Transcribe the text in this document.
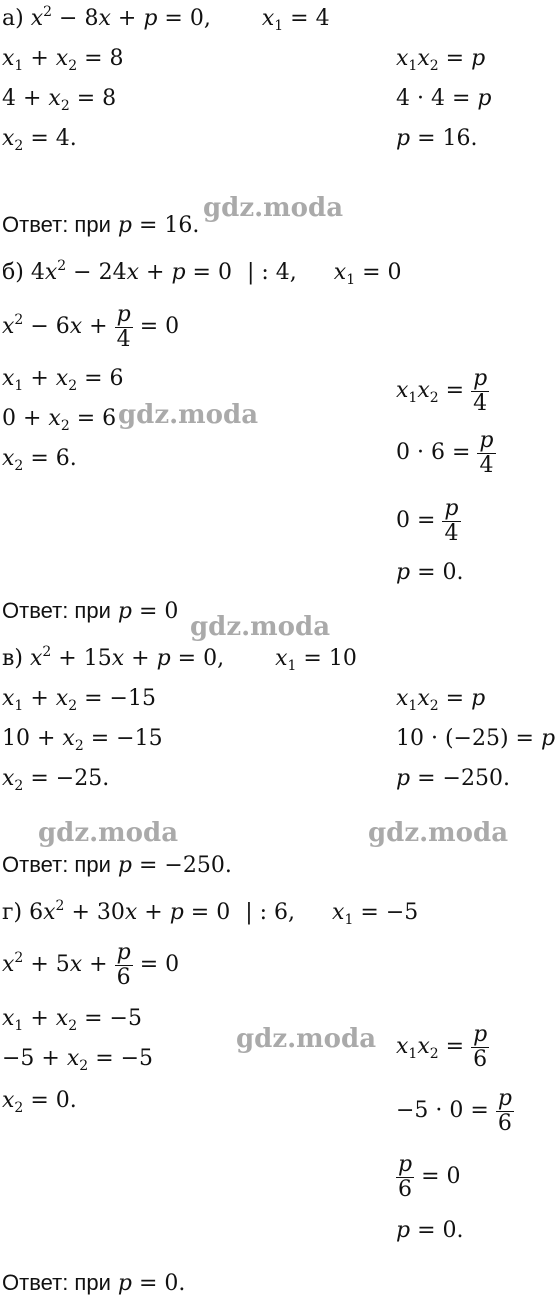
а) $x^2 - 8x + p = 0$, $x_1 = 4$
$x_1 + x_2 = 8$
$4 + x_2 = 8$
$x_2 = 4$.
$x_1x_2 = p$
4 · 4 = p
p = 16.
Ответ: при p = 16.
gdz.moda
б) $4x^2 - 24x + p = 0$ | : 4, $x_1 = 0$
$x^2 - 6x + \frac{p}{4} = 0$
$x_1 + x_2 = 6$
$0 + x_2 = 6$
$x_2 = 6$.
gdz.moda
$x_1x_2 = \frac{p}{4}$
$0 \cdot 6 = \frac{p}{4}$
$0 = \frac{p}{4}$
p = 0.
Ответ: при p = 0
gdz.moda
в) $x^2 + 15x + p = 0$, $x_1 = 10$
$x_1 + x_2 = -15$
$10 + x_2 = -15$
$x_2 = -25$.
$x_1x_2 = p$
10 · (−25) = p
p = −250.
gdz.moda	gdz.moda
Ответ: при p = −250.
г) $6x^2 + 30x + p = 0$ | : 6, $x_1 = -5$
$x^2 + 5x + \frac{p}{6} = 0$
$x_1 + x_2 = -5$
$-5 + x_2 = -5$
$x_2 = 0$.
gdz.moda $x_1x_2 = \frac{p}{6}$
$-5 \cdot 0 = \frac{p}{6}$
$\frac{p}{6} = 0$
p = 0.
Ответ: при p = 0.
